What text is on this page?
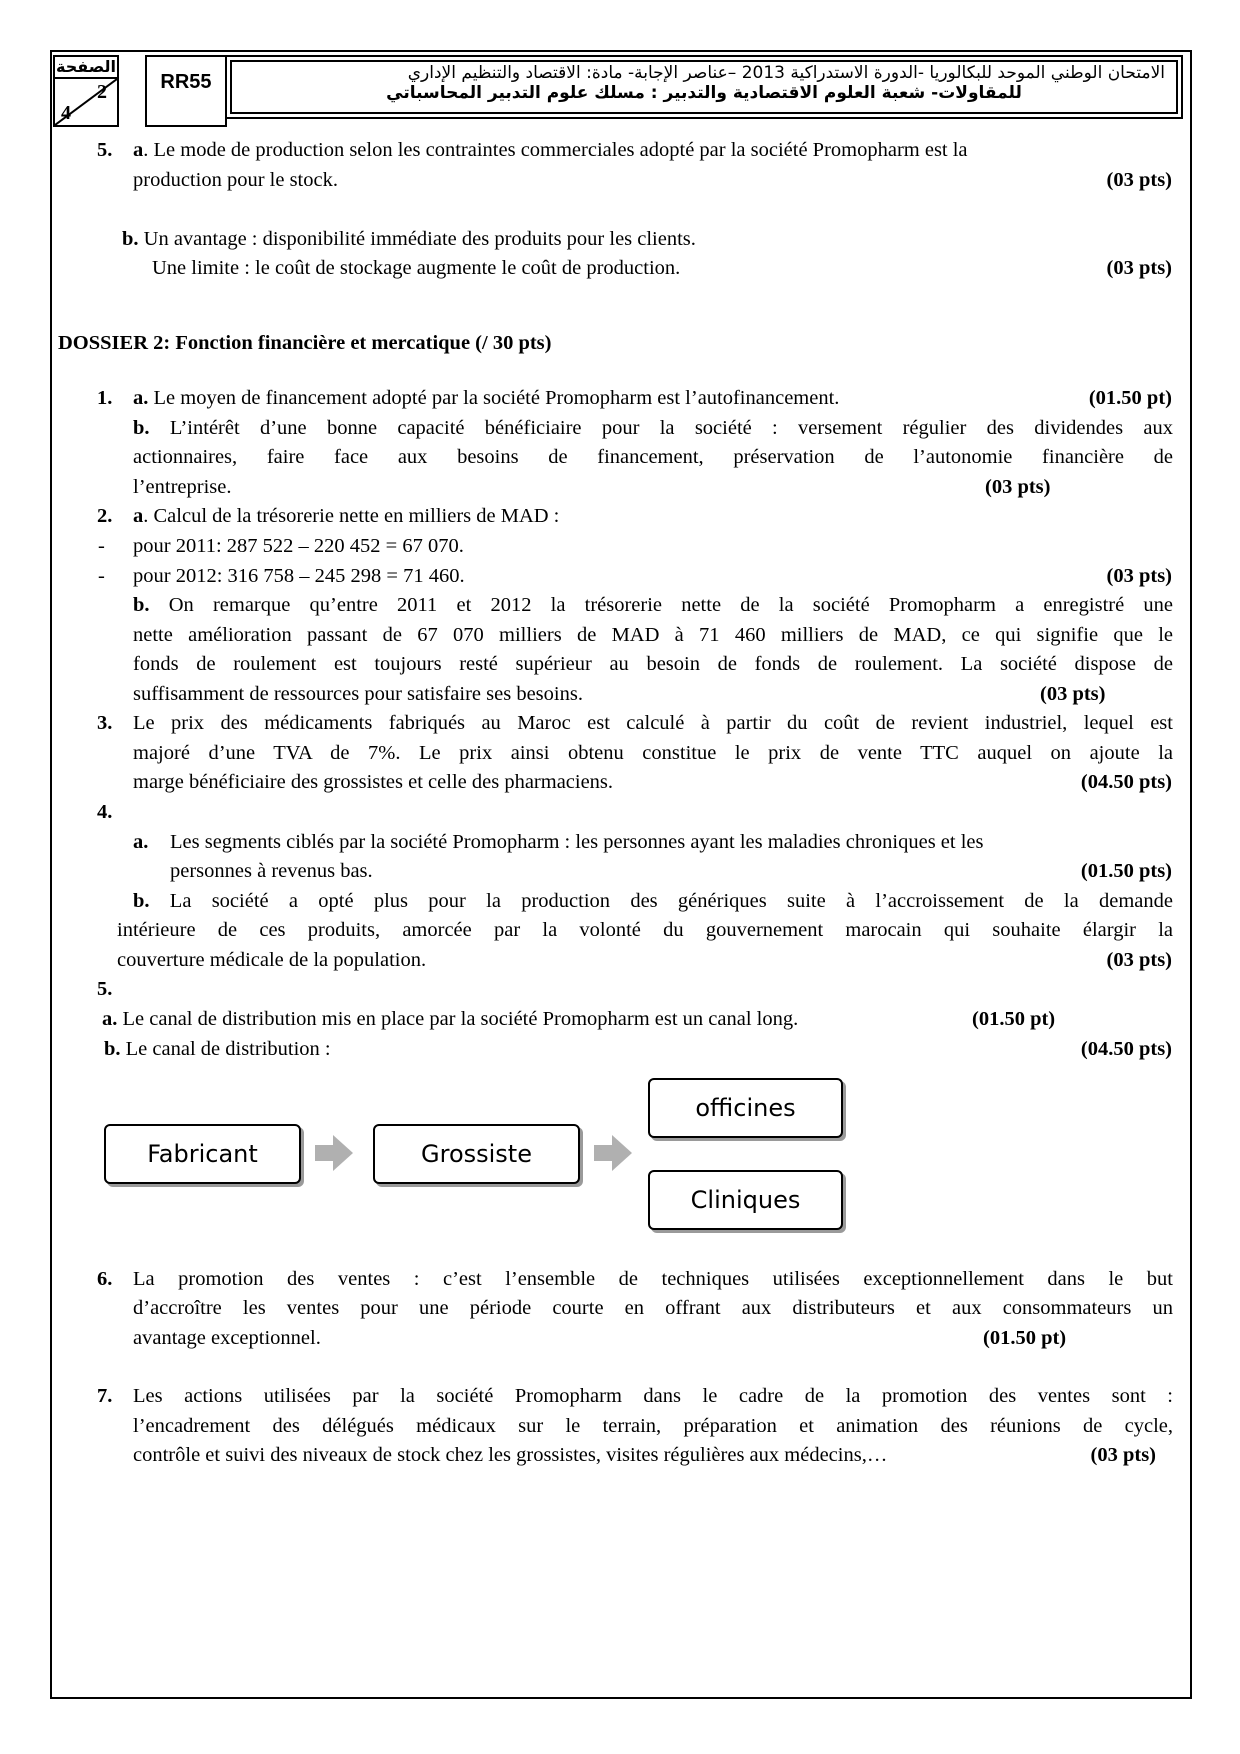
الصفحة
2
4
RR55	الامتحان الوطني الموحد للبكالوريا -الدورة الاستدراكية 2013 –عناصر الإجابة- مادة: الاقتصاد والتنظيم الإداري
للمقاولات- شعبة العلوم الاقتصادية والتدبير : مسلك علوم التدبير المحاسباتي
5. a. Le mode de production selon les contraintes commerciales adopté par la société Promopharm est la
production pour le stock.	(03 pts)
b. Un avantage : disponibilité immédiate des produits pour les clients.
Une limite : le coût de stockage augmente le coût de production.	(03 pts)
DOSSIER 2: Fonction financière et mercatique (/ 30 pts)
1. a. Le moyen de financement adopté par la société Promopharm est l’autofinancement.	(01.50 pt)
b. L’intérêt d’une bonne capacité bénéficiaire pour la société : versement régulier des dividendes aux
actionnaires, faire face aux besoins de financement, préservation de l’autonomie financière de
l’entreprise.	(03 pts)
2. a. Calcul de la trésorerie nette en milliers de MAD :
- pour 2011: 287 522 – 220 452 = 67 070.
- pour 2012: 316 758 – 245 298 = 71 460.	(03 pts)
b. On remarque qu’entre 2011 et 2012 la trésorerie nette de la société Promopharm a enregistré une
nette amélioration passant de 67 070 milliers de MAD à 71 460 milliers de MAD, ce qui signifie que le
fonds de roulement est toujours resté supérieur au besoin de fonds de roulement. La société dispose de
suffisamment de ressources pour satisfaire ses besoins.	(03 pts)
3. Le prix des médicaments fabriqués au Maroc est calculé à partir du coût de revient industriel, lequel est
majoré d’une TVA de 7%. Le prix ainsi obtenu constitue le prix de vente TTC auquel on ajoute la
marge bénéficiaire des grossistes et celle des pharmaciens.	(04.50 pts)
4.
a. Les segments ciblés par la société Promopharm : les personnes ayant les maladies chroniques et les
personnes à revenus bas.	(01.50 pts)
b. La société a opté plus pour la production des génériques suite à l’accroissement de la demande
intérieure de ces produits, amorcée par la volonté du gouvernement marocain qui souhaite élargir la
couverture médicale de la population.	(03 pts)
5.
a. Le canal de distribution mis en place par la société Promopharm est un canal long.	(01.50 pt)
b. Le canal de distribution :	(04.50 pts)
Fabricant	Grossiste
officines
Cliniques
6. La promotion des ventes : c’est l’ensemble de techniques utilisées exceptionnellement dans le but
d’accroître les ventes pour une période courte en offrant aux distributeurs et aux consommateurs un
avantage exceptionnel.	(01.50 pt)
7. Les actions utilisées par la société Promopharm dans le cadre de la promotion des ventes sont :
l’encadrement des délégués médicaux sur le terrain, préparation et animation des réunions de cycle,
contrôle et suivi des niveaux de stock chez les grossistes, visites régulières aux médecins,…	(03 pts)
